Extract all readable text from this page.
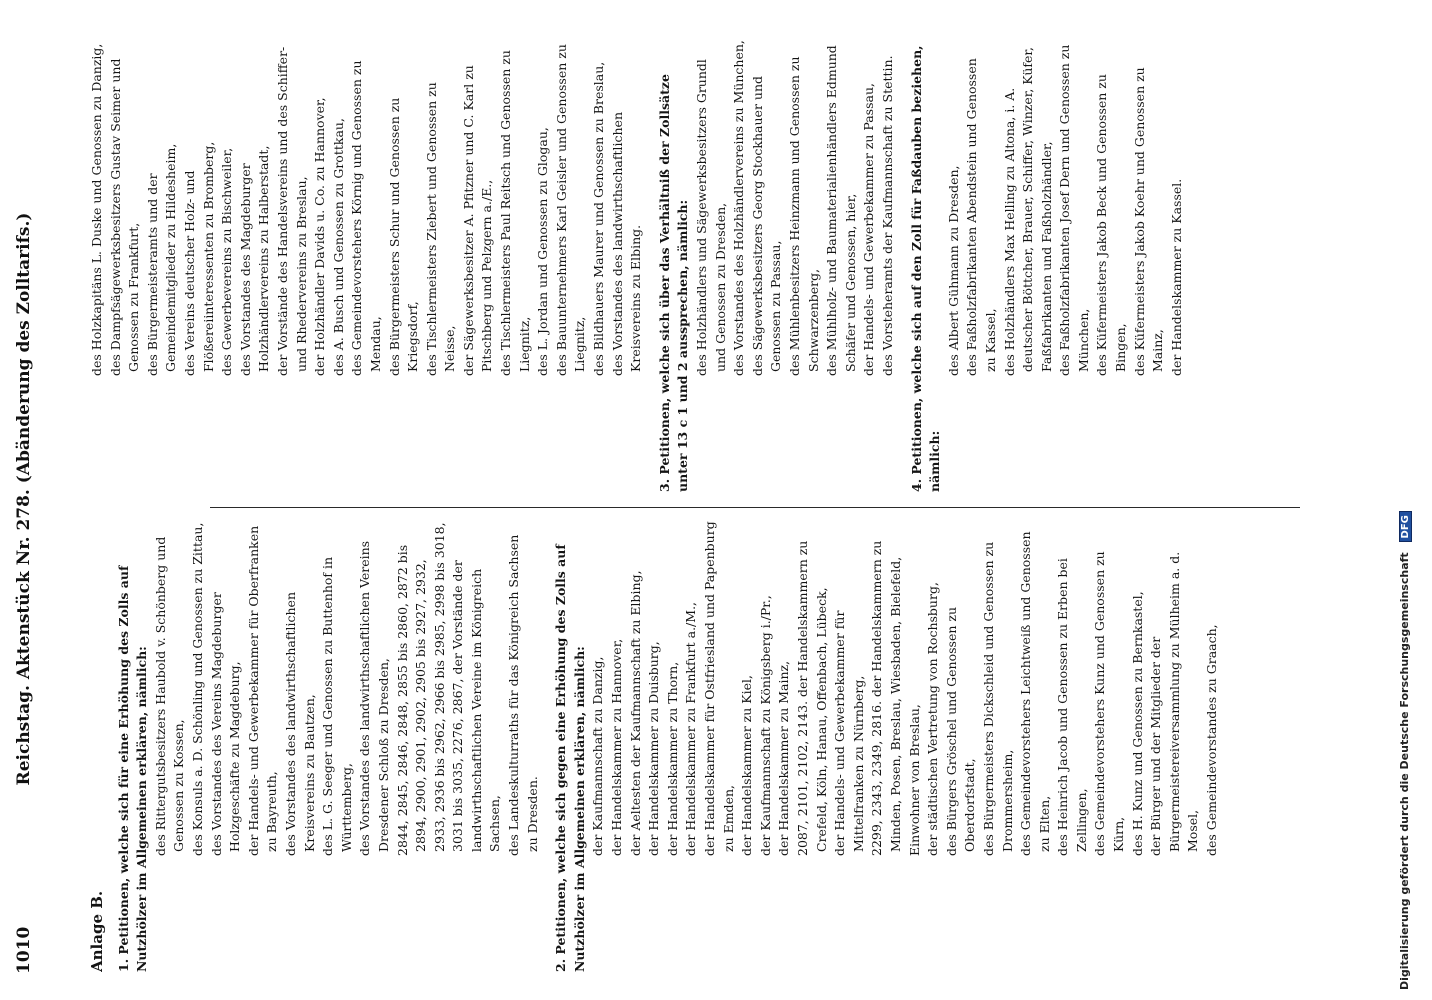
1010
Reichstag. Aktenstück Nr. 278. (Abänderung des Zolltarifs.)
Anlage B. 1. Petitionen, welche sich für eine Erhöhung des Zolls auf Nutzhölzer im Allgemeinen erklären, nämlich: des Rittergutsbesitzers Haubold v. Schönberg und Genossen zu Kossen, des Konsuls a. D. Schönling und Genossen zu Zittau, des Vorstandes des Vereins Magdeburger Holzgeschäfte zu Magdeburg, der Handels- und Gewerbekammer für Oberfranken zu Bayreuth, des Vorstandes des landwirthschaftlichen Kreisvereins zu Bautzen, des L. G. Seeger und Genossen zu Buttenhof in Württemberg, des Vorstandes des landwirthschaftlichen Vereins Dresdener Schloß zu Dresden, 2844, 2845, 2846, 2848, 2855 bis 2860, 2872 bis 2894, 2900, 2901, 2902, 2905 bis 2927, 2932, 2933, 2936 bis 2962, 2966 bis 2985, 2998 bis 3018, 3031 bis 3035, 2276, 2867, der Vorstände der landwirthschaftlichen Vereine im Königreich Sachsen, des Landeskulturraths für das Königreich Sachsen zu Dresden. 2. Petitionen, welche sich gegen eine Erhöhung des Zolls auf Nutzhölzer im Allgemeinen erklären, nämlich: der Kaufmannschaft zu Danzig, der Handelskammer zu Hannover, der Aeltesten der Kaufmannschaft zu Elbing, der Handelskammer zu Duisburg, der Handelskammer zu Thorn, der Handelskammer zu Frankfurt a./M., der Handelskammer für Ostfriesland und Papenburg zu Emden, der Handelskammer zu Kiel, der Kaufmannschaft zu Königsberg i./Pr., der Handelskammer zu Mainz, 2087, 2101, 2102, 2143. der Handelskammern zu Crefeld, Köln, Hanau, Offenbach, Lübeck, der Handels- und Gewerbekammer für Mittelfranken zu Nürnberg, 2299, 2343, 2349, 2816. der Handelskammern zu Minden, Posen, Breslau, Wiesbaden, Bielefeld, Einwohner von Breslau, der städtischen Vertretung von Rochsburg, des Bürgers Gröschel und Genossen zu Oberdorfstadt, des Bürgermeisters Dickschleid und Genossen zu Drommersheim, des Gemeindevorstehers Leichtweiß und Genossen zu Elten, des Heinrich Jacob und Genossen zu Erben bei Zellingen, des Gemeindevorstehers Kunz und Genossen zu Kürn, des H. Kunz und Genossen zu Bernkastel, der Bürger und der Mitglieder der Bürgermeistereiversammlung zu Mülheim a. d. Mosel, des Gemeindevorstandes zu Graach,
des Holzkapitäns L. Duske und Genossen zu Danzig, des Dampfsägewerksbesitzers Gustav Seimer und Genossen zu Frankfurt, des Bürgermeisteramts und der Gemeindemitglieder zu Hildesheim, des Vereins deutscher Holz- und Flößereiinteressenten zu Bromberg, des Gewerbevereins zu Bischweiler, des Vorstandes des Magdeburger Holzhändlervereins zu Halberstadt, der Vorstände des Handelsvereins und des Schiffer- und Rhedervereins zu Breslau, der Holzhändler Davids u. Co. zu Hannover, des A. Busch und Genossen zu Grottkau, des Gemeindevorstehers Körnig und Genossen zu Mendau, des Bürgermeisters Schur und Genossen zu Kriegsdorf, des Tischlermeisters Ziebert und Genossen zu Neisse, der Sägewerksbesitzer A. Pfitzner und C. Karl zu Pitschberg und Pelzgern a./E., des Tischlermeisters Paul Reitsch und Genossen zu Liegnitz, des L. Jordan und Genossen zu Glogau, des Bauunternehmers Karl Geisler und Genossen zu Liegnitz, des Bildhauers Maurer und Genossen zu Breslau, des Vorstandes des landwirthschaftlichen Kreisvereins zu Elbing. 3. Petitionen, welche sich über das Verhältniß der Zollsätze unter 13 c 1 und 2 aussprechen, nämlich: des Holzhändlers und Sägewerksbesitzers Grundl und Genossen zu Dresden, des Vorstandes des Holzhändlervereins zu München, des Sägewerksbesitzers Georg Stockhauer und Genossen zu Passau, des Mühlenbesitzers Heinzmann und Genossen zu Schwarzenberg, des Mühlholz- und Baumaterialienhändlers Edmund Schäfer und Genossen, hier, der Handels- und Gewerbekammer zu Passau, des Vorsteheramts der Kaufmannschaft zu Stettin. 4. Petitionen, welche sich auf den Zoll für Faßdauben beziehen, nämlich:
des Albert Gühmann zu Dresden, des Faßholzfabrikanten Abendstein und Genossen zu Kassel, des Holzhändlers Max Helling zu Altona, i. A. deutscher Böttcher, Brauer, Schiffer, Winzer, Küfer, Faßfabrikanten und Faßholzhändler, des Faßholzfabrikanten Josef Dern und Genossen zu München, des Küfermeisters Jakob Beck und Genossen zu Bingen, des Küfermeisters Jakob Koehr und Genossen zu Mainz, der Handelskammer zu Kassel.
Digitalisierung gefördert durch die Deutsche Forschungsgemeinschaft DFG
